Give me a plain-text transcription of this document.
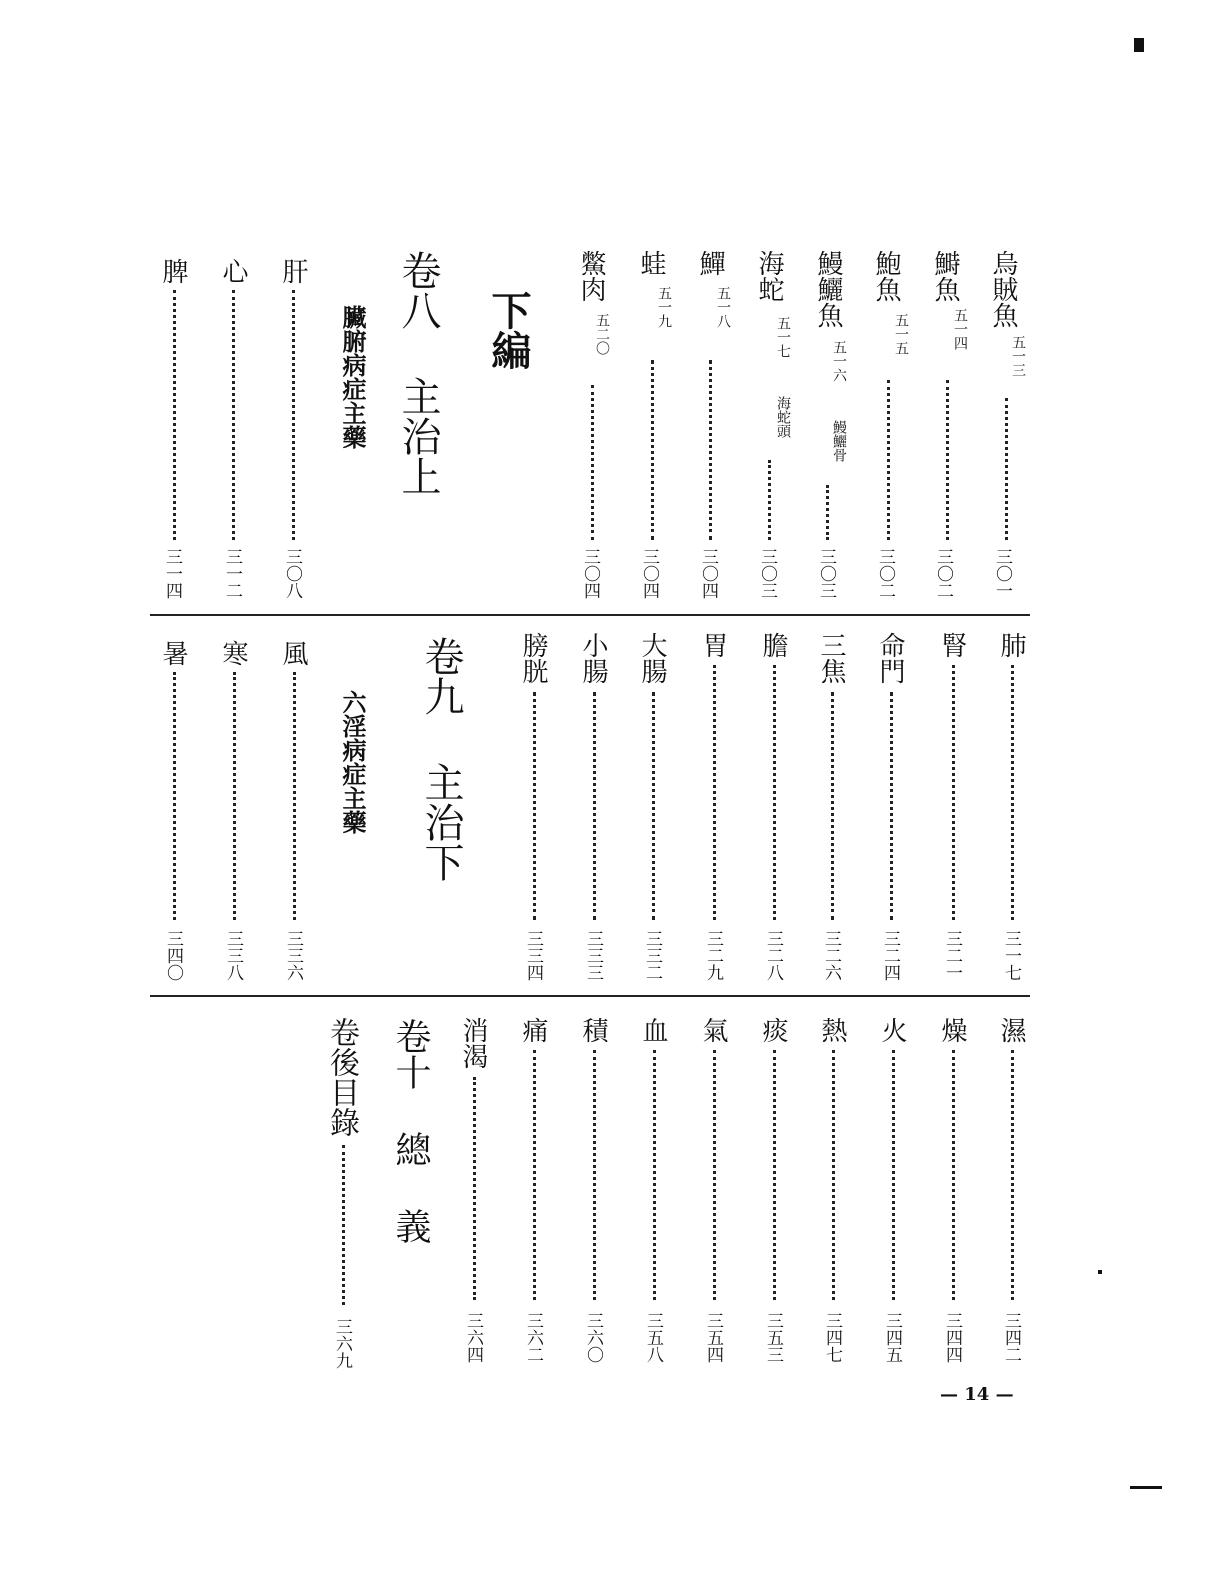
烏賊魚
五一三
三〇一
鰣魚
五一四
三〇二
鮑魚
五一五
三〇二
鰻鱺魚
五一六
鰻鱺骨
三〇三
海蛇
五一七
海蛇頭
三〇三
鱓
五一八
三〇四
蛙
五一九
三〇四
鱉肉
五二〇
三〇四
下編
卷八 主治上
臟腑病症主藥
肝
三〇八
心
三一二
脾
三一四
肺
三一七
腎
三二一
命門
三二四
三焦
三二六
膽
三二八
胃
三二九
大腸
三三二
小腸
三三三
膀胱
三三四
卷九 主治下
六淫病症主藥
風
三三六
寒
三三八
暑
三四〇
濕
三四二
燥
三四四
火
三四五
熱
三四七
痰
三五三
氣
三五四
血
三五八
積
三六〇
痛
三六二
消渴
三六四
卷十 總 義
卷後目錄
三六九
— 14 —
